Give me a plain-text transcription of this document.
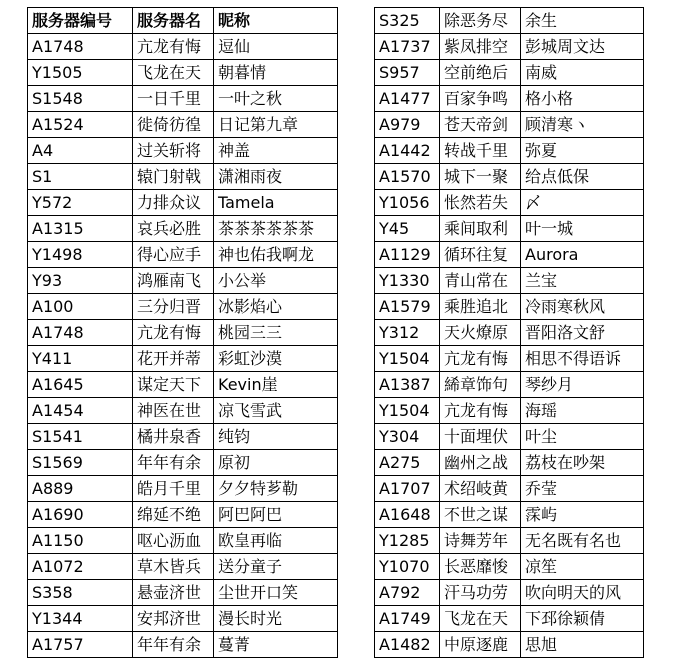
服务器编号	服务器名	昵称
A1748	亢龙有悔	逗仙
Y1505	飞龙在天	朝暮情
S1548	一日千里	一叶之秋
A1524	徙倚彷徨	日记第九章
A4	过关斩将	神盖
S1	辕门射戟	潇湘雨夜
Y572	力排众议	Tamela
A1315	哀兵必胜	茶茶茶茶茶茶
Y1498	得心应手	神也佑我啊龙
Y93	鸿雁南飞	小公举
A100	三分归晋	冰影焰心
A1748	亢龙有悔	桃园三三
Y411	花开并蒂	彩虹沙漠
A1645	谋定天下	Kevin崖
A1454	神医在世	凉飞雪武
S1541	橘井泉香	纯钧
S1569	年年有余	原初
A889	皓月千里	夕夕特芗勒
A1690	绵延不绝	阿巴阿巴
A1150	呕心沥血	欧皇再临
A1072	草木皆兵	送分童子
S358	悬壶济世	尘世开口笑
Y1344	安邦济世	漫长时光
A1757	年年有余	蔓菁
S325	除恶务尽	余生
A1737	紫凤排空	彭城周文达
S957	空前绝后	南威
A1477	百家争鸣	格小格
A979	苍天帝剑	顾清寒ヽ
A1442	转战千里	弥夏
A1570	城下一聚	给点低保
Y1056	怅然若失	〆
Y45	乘间取利	叶一城
A1129	循环往复	Aurora
Y1330	青山常在	兰宝
A1579	乘胜追北	冷雨寒秋风
Y312	天火燎原	晋阳洛文舒
Y1504	亢龙有悔	相思不得语诉
A1387	絺章饰句	琴纱月
Y1504	亢龙有悔	海瑶
Y304	十面埋伏	叶尘
A275	幽州之战	荔枝在吵架
A1707	术绍岐黄	乔莹
A1648	不世之谋	霂屿
Y1285	诗舞芳年	无名既有名也
Y1070	长恶靡悛	凉笙
A792	汗马功劳	吹向明天的风
A1749	飞龙在天	下邳徐颖倩
A1482	中原逐鹿	思旭
